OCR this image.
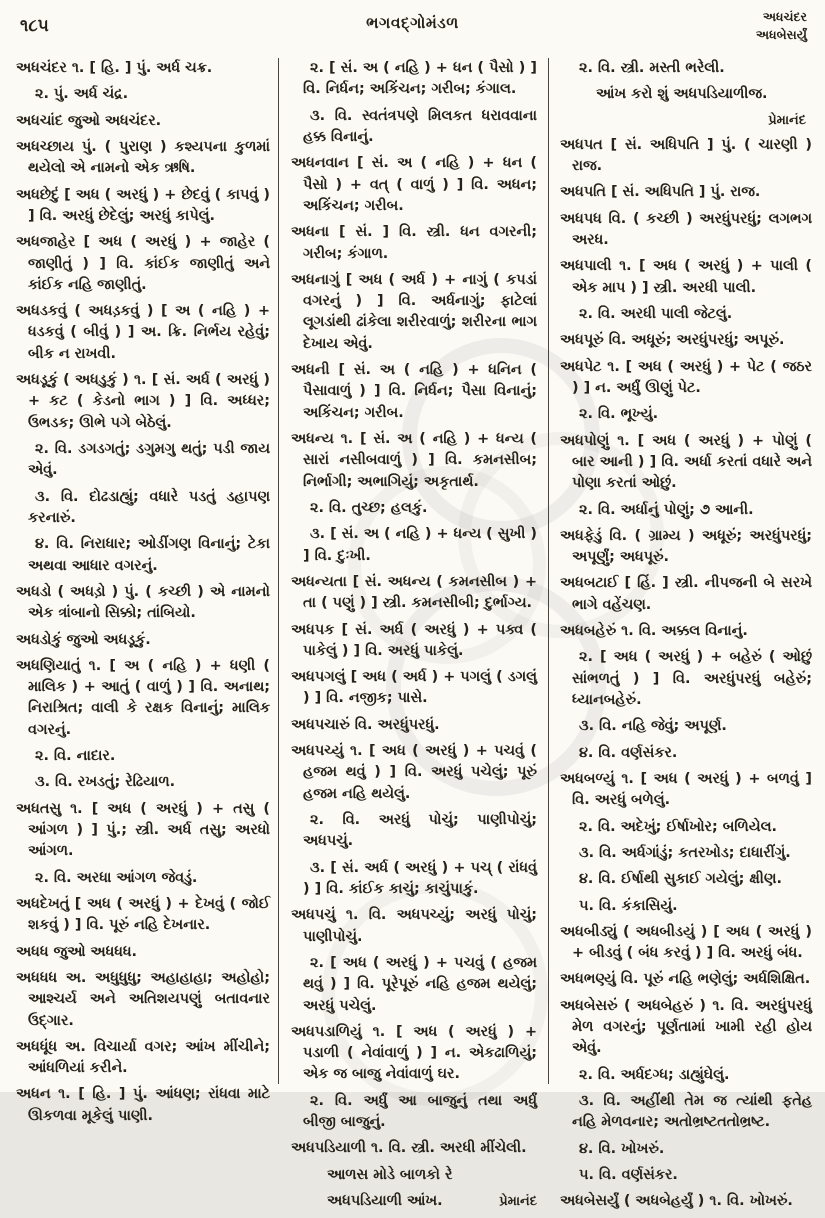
૧૮૫	ભગવદ્ગોમંડળ	અધચંદર
અધબેસર્યું

અધચંદર ૧. [ હિ. ] પું. અર્ધ ચક્ર.

૨. પું. અર્ધ ચંદ્ર.

અધચાંદ જુઓ અધચંદર.

અધચ્છાય પું. ( પુરાણ ) કશ્યપના કુળમાં થયેલો એ નામનો એક ઋષિ.

અધછેદું [ અધ ( અરધું ) + છેદવું ( કાપવું ) ] વિ. અરધું છેદેલું; અરધું કાપેલું.

અધજાહેર [ અધ ( અરધું ) + જાહેર ( જાણીતું ) ] વિ. કાંઈક જાણીતું અને કાંઈક નહિ જાણીતું.

અધડકવું ( અધડ઼કવું ) [ અ ( નહિ ) + ધડકવું ( બીવું ) ] અ. ક્રિ. નિર્ભય રહેવું; બીક ન રાખવી.

અધડૂકું ( અધડુકું ) ૧. [ સં. અર્ધ ( અરધું ) + કટ ( કેડનો ભાગ ) ] વિ. અધ્ધર; ઉભડક; ઊભે પગે બેઠેલું.

૨. વિ. ડગડગતું; ડગુમગુ થતું; પડી જાય એવું.

૩. વિ. દોઢડાહ્યું; વધારે પડતું ડહાપણ કરનારું.

૪. વિ. નિરાધાર; ઓડીંગણ વિનાનું; ટેકા અથવા આધાર વગરનું.

અધડો ( અધડ઼ો ) પું. ( કચ્છી ) એ નામનો એક ત્રાંબાનો સિક્કો; તાંબિયો.

અધડોકું જુઓ અધડૂકું.

અધણિયાતું ૧. [ અ ( નહિ ) + ધણી ( માલિક ) + આતું ( વાળું ) ] વિ. અનાથ; નિરાશ્રિત; વાલી કે રક્ષક વિનાનું; માલિક વગરનું.

૨. વિ. નાદાર.

૩. વિ. રખડતું; રેઢિયાળ.

અધતસુ ૧. [ અધ ( અરધું ) + તસુ ( આંગળ ) ] પું.; સ્ત્રી. અર્ધ તસુ; અરધો આંગળ.

૨. વિ. અરધા આંગળ જેવડું.

અધદેખતું [ અધ ( અરધું ) + દેખવું ( જોઈ શકવું ) ] વિ. પૂરું નહિ દેખનાર.

અધધ જુઓ અધધધ.

અધધધ અ. અધુધુધુ; અહાહાહા; અહોહો; આશ્ચર્ય અને અતિશયપણું બતાવનાર ઉદ્ગાર.

અધધૂંધ અ. વિચાર્યા વગર; આંખ મીંચીને; આંધળિયાં કરીને.

અધન ૧. [ હિ. ] પું. આંધણ; રાંધવા માટે ઊકળવા મૂકેલું પાણી.

૨. [ સં. અ ( નહિ ) + ધન ( પૈસો ) ] વિ. નિર્ધન; અકિંચન; ગરીબ; કંગાલ.

૩. વિ. સ્વતંત્રપણે મિલકત ધરાવવાના હક્ક વિનાનું.

અધનવાન [ સં. અ ( નહિ ) + ધન ( પૈસો ) + વત્ ( વાળું ) ] વિ. અધન; અકિંચન; ગરીબ.

અધના [ સં. ] વિ. સ્ત્રી. ધન વગરની; ગરીબ; કંગાળ.

અધનાગું [ અધ ( અર્ધ ) + નાગું ( કપડાં વગરનું ) ] વિ. અર્ધનાગું; ફાટેલાં લૂગડાંથી ઢાંકેલા શરીરવાળું; શરીરના ભાગ દેખાય એવું.

અધની [ સં. અ ( નહિ ) + ધનિન ( પૈસાવાળું ) ] વિ. નિર્ધન; પૈસા વિનાનું; અકિંચન; ગરીબ.

અધન્ય ૧. [ સં. અ ( નહિ ) + ધન્ય ( સારાં નસીબવાળું ) ] વિ. કમનસીબ; નિર્ભાગી; અભાગિયું; અકૃતાર્થ.

૨. વિ. તુચ્છ; હલકું.

૩. [ સં. અ ( નહિ ) + ધન્ય ( સુખી ) ] વિ. દુઃખી.

અધન્યતા [ સં. અધન્ય ( કમનસીબ ) + તા ( પણું ) ] સ્ત્રી. કમનસીબી; દુર્ભાગ્ય.

અધપક [ સં. અર્ધ ( અરધું ) + પક્વ ( પાકેલું ) ] વિ. અરધું પાકેલું.

અધપગલું [ અધ ( અર્ધ ) + પગલું ( ડગલું ) ] વિ. નજીક; પાસે.

અધપચારું વિ. અરધુંપરધું.

અધપચ્યું ૧. [ અધ ( અરધું ) + પચવું ( હજમ થવું ) ] વિ. અરધું પચેલું; પૂરું હજમ નહિ થયેલું.

૨. વિ. અરધું પોચું; પાણીપોચું; અધપચું.

૩. [ સં. અર્ધ ( અરધું ) + પચ્ ( રાંધવું ) ] વિ. કાંઈક કાચું; કાચુંપાકું.

અધપચું ૧. વિ. અધપચ્યું; અરધું પોચું; પાણીપોચું.

૨. [ અધ ( અરધું ) + પચવું ( હજમ થવું ) ] વિ. પૂરેપૂરું નહિ હજમ થયેલું; અરધું પચેલું.

અધપડાળિયું ૧. [ અધ ( અરધું ) + પડાળી ( નેવાંવાળું ) ] ન. એકઢાળિયું; એક જ બાજુ નેવાંવાળું ઘર.

૨. વિ. અર્ધું આ બાજુનું તથા અર્ધું બીજી બાજુનું.

અધપડિયાળી ૧. વિ. સ્ત્રી. અરધી મીંચેલી.

આળસ મોડે બાળકો રે

અધપડિયાળી આંખ.	પ્રેમાનંદ

૨. વિ. સ્ત્રી. મસ્તી ભરેલી.

આંખ કરો શું અધપડિયાળીજ.

પ્રેમાનંદ

અધપત [ સં. અધિપતિ ] પું. ( ચારણી ) રાજ.

અધપતિ [ સં. અધિપતિ ] પું. રાજ.

અધપધ વિ. ( કચ્છી ) અરધુંપરધું; લગભગ અરધ.

અધપાલી ૧. [ અધ ( અરધું ) + પાલી ( એક માપ ) ] સ્ત્રી. અરધી પાલી.

૨. વિ. અરધી પાલી જેટલું.

અધપૂરું વિ. અધૂરું; અરધુંપરધું; અપૂરું.

અધપેટ ૧. [ અધ ( અરધું ) + પેટ ( જઠર ) ] ન. અર્ધું ઊણું પેટ.

૨. વિ. ભૂખ્યું.

અધપોણું ૧. [ અધ ( અરધું ) + પોણું ( બાર આની ) ] વિ. અર્ધા કરતાં વધારે અને પોણા કરતાં ઓછું.

૨. વિ. અર્ધાનું પોણું; ૭ આની.

અધફેડું વિ. ( ગ્રામ્ય ) અધૂરું; અરધુંપરધું; અપૂર્ણું; અધપૂરું.

અધબટાઈ [ હિં. ] સ્ત્રી. નીપજની બે સરખે ભાગે વહેંચણ.

અધબહેરું ૧. વિ. અક્કલ વિનાનું.

૨. [ અધ ( અરધું ) + બહેરું ( ઓછું સાંભળતું ) ] વિ. અરધુંપરધું બહેરું; ધ્યાનબહેરું.

૩. વિ. નહિ જેવું; અપૂર્ણ.

૪. વિ. વર્ણસંકર.

અધબળ્યું ૧. [ અધ ( અરધું ) + બળવું ] વિ. અરધું બળેલું.

૨. વિ. અદેખું; ઈર્ષાખોર; બળિયેલ.

૩. વિ. અર્ધગાંડું; કતરખોડ; દાધારીંગું.

૪. વિ. ઈર્ષાથી સુકાઈ ગયેલું; ક્ષીણ.

૫. વિ. કંકાસિયું.

અધબીડ્યું ( અધબીડયું ) [ અધ ( અરધું ) + બીડવું ( બંધ કરવું ) ] વિ. અરધું બંધ.

અધભણ્યું વિ. પૂરું નહિ ભણેલું; અર્ધશિક્ષિત.

અધબેસરું ( અધબેહરું ) ૧. વિ. અરધુંપરધું મેળ વગરનું; પૂર્ણતામાં ખામી રહી હોય એવું.

૨. વિ. અર્ધદગ્ધ; ડાહ્યુંઘેલું.

૩. વિ. અહીંથી તેમ જ ત્યાંથી ફતેહ નહિ મેળવનાર; અતોભ્રષ્ટતતોભ્રષ્ટ.

૪. વિ. ખોખરું.

૫. વિ. વર્ણસંકર.

અધબેસર્યું ( અધબેહર્યું ) ૧. વિ. ખોખરું.
